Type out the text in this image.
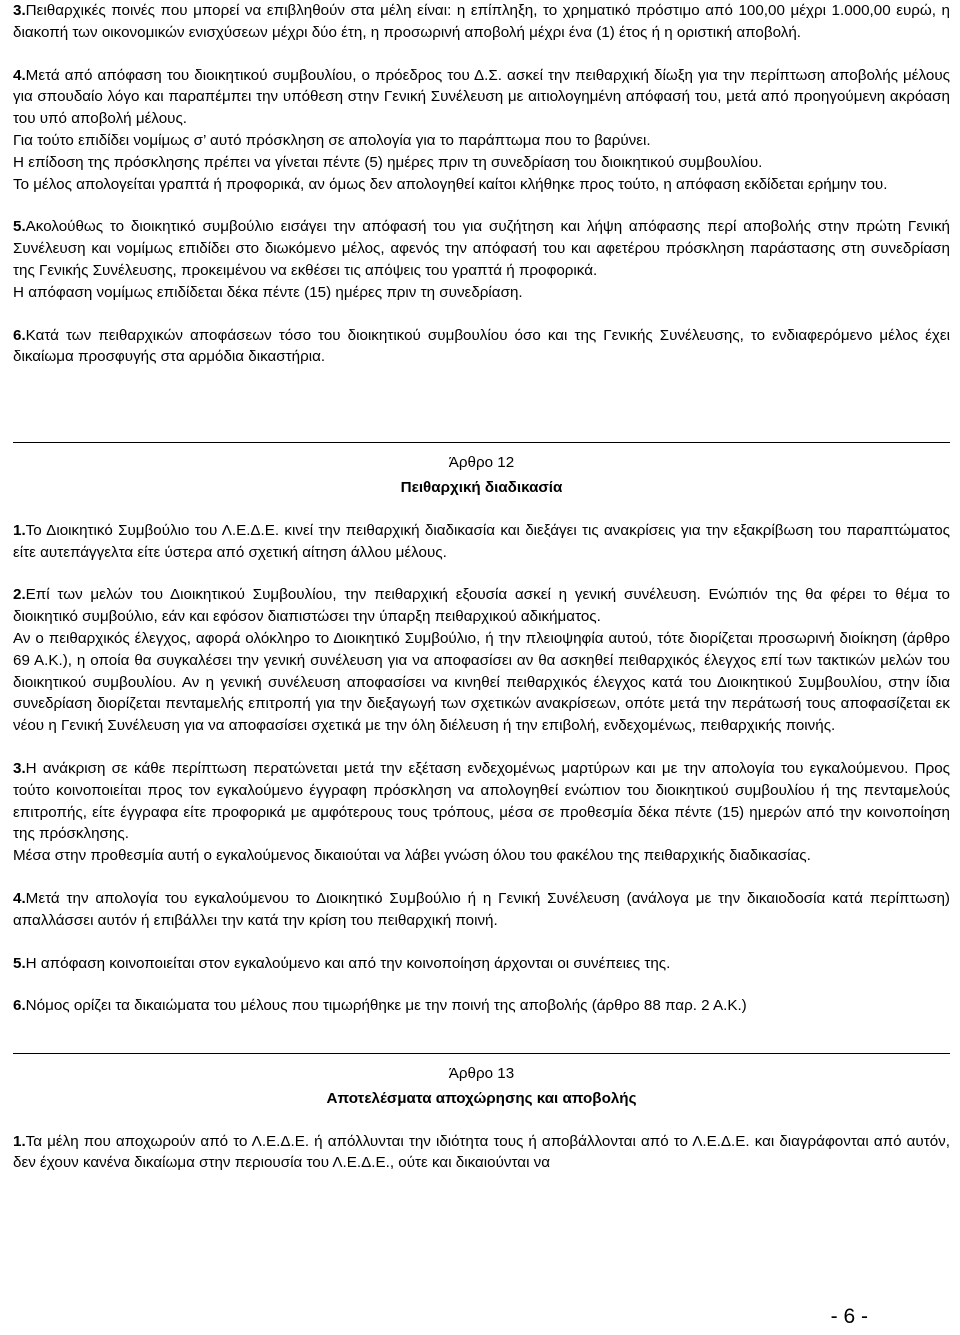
3.Πειθαρχικές ποινές που μπορεί να επιβληθούν στα μέλη είναι: η επίπληξη, το χρηματικό πρόστιμο από 100,00 μέχρι 1.000,00 ευρώ, η διακοπή των οικονομικών ενισχύσεων μέχρι δύο έτη, η προσωρινή αποβολή μέχρι ένα (1) έτος ή η οριστική αποβολή.

4.Μετά από απόφαση του διοικητικού συμβουλίου, ο πρόεδρος του Δ.Σ. ασκεί την πειθαρχική δίωξη για την περίπτωση αποβολής μέλους για σπουδαίο λόγο και παραπέμπει την υπόθεση στην Γενική Συνέλευση με αιτιολογημένη απόφασή του, μετά από προηγούμενη ακρόαση του υπό αποβολή μέλους.

Για τούτο επιδίδει νομίμως σ’ αυτό πρόσκληση σε απολογία για το παράπτωμα που το βαρύνει.

Η επίδοση της πρόσκλησης πρέπει να γίνεται πέντε (5) ημέρες πριν τη συνεδρίαση του διοικητικού συμβουλίου.

Το μέλος απολογείται γραπτά ή προφορικά, αν όμως δεν απολογηθεί καίτοι κλήθηκε προς τούτο, η απόφαση εκδίδεται ερήμην του.

5.Ακολούθως το διοικητικό συμβούλιο εισάγει την απόφασή του για συζήτηση και λήψη απόφασης περί αποβολής στην πρώτη Γενική Συνέλευση και νομίμως επιδίδει στο διωκόμενο μέλος, αφενός την απόφασή του και αφετέρου πρόσκληση παράστασης στη συνεδρίαση της Γενικής Συνέλευσης, προκειμένου να εκθέσει τις απόψεις του γραπτά ή προφορικά.

Η απόφαση νομίμως επιδίδεται δέκα πέντε (15) ημέρες πριν τη συνεδρίαση.

6.Κατά των πειθαρχικών αποφάσεων τόσο του διοικητικού συμβουλίου όσο και της Γενικής Συνέλευσης, το ενδιαφερόμενο μέλος έχει δικαίωμα προσφυγής στα αρμόδια δικαστήρια.

Άρθρο 12
Πειθαρχική διαδικασία

1.Το Διοικητικό Συμβούλιο του Λ.Ε.Δ.Ε. κινεί την πειθαρχική διαδικασία και διεξάγει τις ανακρίσεις για την εξακρίβωση του παραπτώματος είτε αυτεπάγγελτα είτε ύστερα από σχετική αίτηση άλλου μέλους.

2.Επί των μελών του Διοικητικού Συμβουλίου, την πειθαρχική εξουσία ασκεί η γενική συνέλευση. Ενώπιόν της θα φέρει το θέμα το διοικητικό συμβούλιο, εάν και εφόσον διαπιστώσει την ύπαρξη πειθαρχικού αδικήματος.

Αν ο πειθαρχικός έλεγχος, αφορά ολόκληρο το Διοικητικό Συμβούλιο, ή την πλειοψηφία αυτού, τότε διορίζεται προσωρινή διοίκηση (άρθρο 69 Α.Κ.), η οποία θα συγκαλέσει την γενική συνέλευση για να αποφασίσει αν θα ασκηθεί πειθαρχικός έλεγχος επί των τακτικών μελών του διοικητικού συμβουλίου. Αν η γενική συνέλευση αποφασίσει να κινηθεί πειθαρχικός έλεγχος κατά του Διοικητικού Συμβουλίου, στην ίδια συνεδρίαση διορίζεται πενταμελής επιτροπή για την διεξαγωγή των σχετικών ανακρίσεων, οπότε μετά την περάτωσή τους αποφασίζεται εκ νέου η Γενική Συνέλευση για να αποφασίσει σχετικά με την όλη διέλευση ή την επιβολή, ενδεχομένως, πειθαρχικής ποινής.

3.Η ανάκριση σε κάθε περίπτωση περατώνεται μετά την εξέταση ενδεχομένως μαρτύρων και με την απολογία του εγκαλούμενου. Προς τούτο κοινοποιείται προς τον εγκαλούμενο έγγραφη πρόσκληση να απολογηθεί ενώπιον του διοικητικού συμβουλίου ή της πενταμελούς επιτροπής, είτε έγγραφα είτε προφορικά με αμφότερους τους τρόπους, μέσα σε προθεσμία δέκα πέντε (15) ημερών από την κοινοποίηση της πρόσκλησης.

Μέσα στην προθεσμία αυτή ο εγκαλούμενος δικαιούται να λάβει γνώση όλου του φακέλου της πειθαρχικής διαδικασίας.

4.Μετά την απολογία του εγκαλούμενου το Διοικητικό Συμβούλιο ή η Γενική Συνέλευση (ανάλογα με την δικαιοδοσία κατά περίπτωση) απαλλάσσει αυτόν ή επιβάλλει την κατά την κρίση του πειθαρχική ποινή.

5.Η απόφαση κοινοποιείται στον εγκαλούμενο και από την κοινοποίηση άρχονται οι συνέπειες της.

6.Νόμος ορίζει τα δικαιώματα του μέλους που τιμωρήθηκε με την ποινή της αποβολής (άρθρο 88 παρ. 2 Α.Κ.)

Άρθρο 13
Αποτελέσματα αποχώρησης και αποβολής

1.Τα μέλη που αποχωρούν από το Λ.Ε.Δ.Ε. ή απόλλυνται την ιδιότητα τους ή αποβάλλονται από το Λ.Ε.Δ.Ε. και διαγράφονται από αυτόν, δεν έχουν κανένα δικαίωμα στην περιουσία του Λ.Ε.Δ.Ε., ούτε και δικαιούνται να

- 6 -
